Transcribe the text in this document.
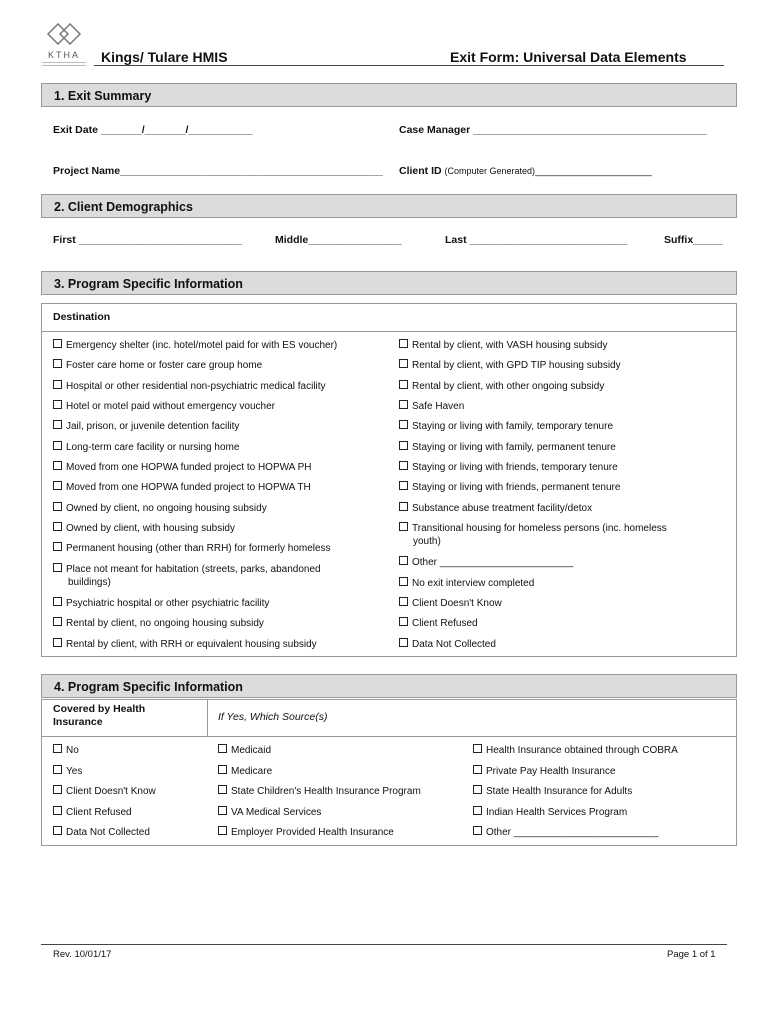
KTHA	Kings/ Tulare HMIS	Exit Form: Universal Data Elements
1. Exit Summary
Exit Date _______/_______/___________	Case Manager ________________________________________
Project Name_____________________________________________ Client ID (Computer Generated)____________________
2. Client Demographics
First ____________________________	Middle________________	Last ___________________________	Suffix_____
3. Program Specific Information
Destination
Emergency shelter (inc. hotel/motel paid for with ES voucher)
Foster care home or foster care group home
Hospital or other residential non-psychiatric medical facility
Hotel or motel paid without emergency voucher
Jail, prison, or juvenile detention facility
Long-term care facility or nursing home
Moved from one HOPWA funded project to HOPWA PH
Moved from one HOPWA funded project to HOPWA TH
Owned by client, no ongoing housing subsidy
Owned by client, with housing subsidy
Permanent housing (other than RRH) for formerly homeless
Place not meant for habitation (streets, parks, abandoned
buildings)
Psychiatric hospital or other psychiatric facility
Rental by client, no ongoing housing subsidy
Rental by client, with RRH or equivalent housing subsidy
Rental by client, with VASH housing subsidy
Rental by client, with GPD TIP housing subsidy
Rental by client, with other ongoing subsidy
Safe Haven
Staying or living with family, temporary tenure
Staying or living with family, permanent tenure
Staying or living with friends, temporary tenure
Staying or living with friends, permanent tenure
Substance abuse treatment facility/detox
Transitional housing for homeless persons (inc. homeless
youth)
Other ________________________
No exit interview completed
Client Doesn't Know
Client Refused
Data Not Collected
4. Program Specific Information
Covered by Health
Insurance	If Yes, Which Source(s)
No
Yes
Client Doesn't Know
Client Refused
Data Not Collected
Medicaid
Medicare
State Children's Health Insurance Program
VA Medical Services
Employer Provided Health Insurance
Health Insurance obtained through COBRA
Private Pay Health Insurance
State Health Insurance for Adults
Indian Health Services Program
Other __________________________
Rev. 10/01/17	Page 1 of 1
